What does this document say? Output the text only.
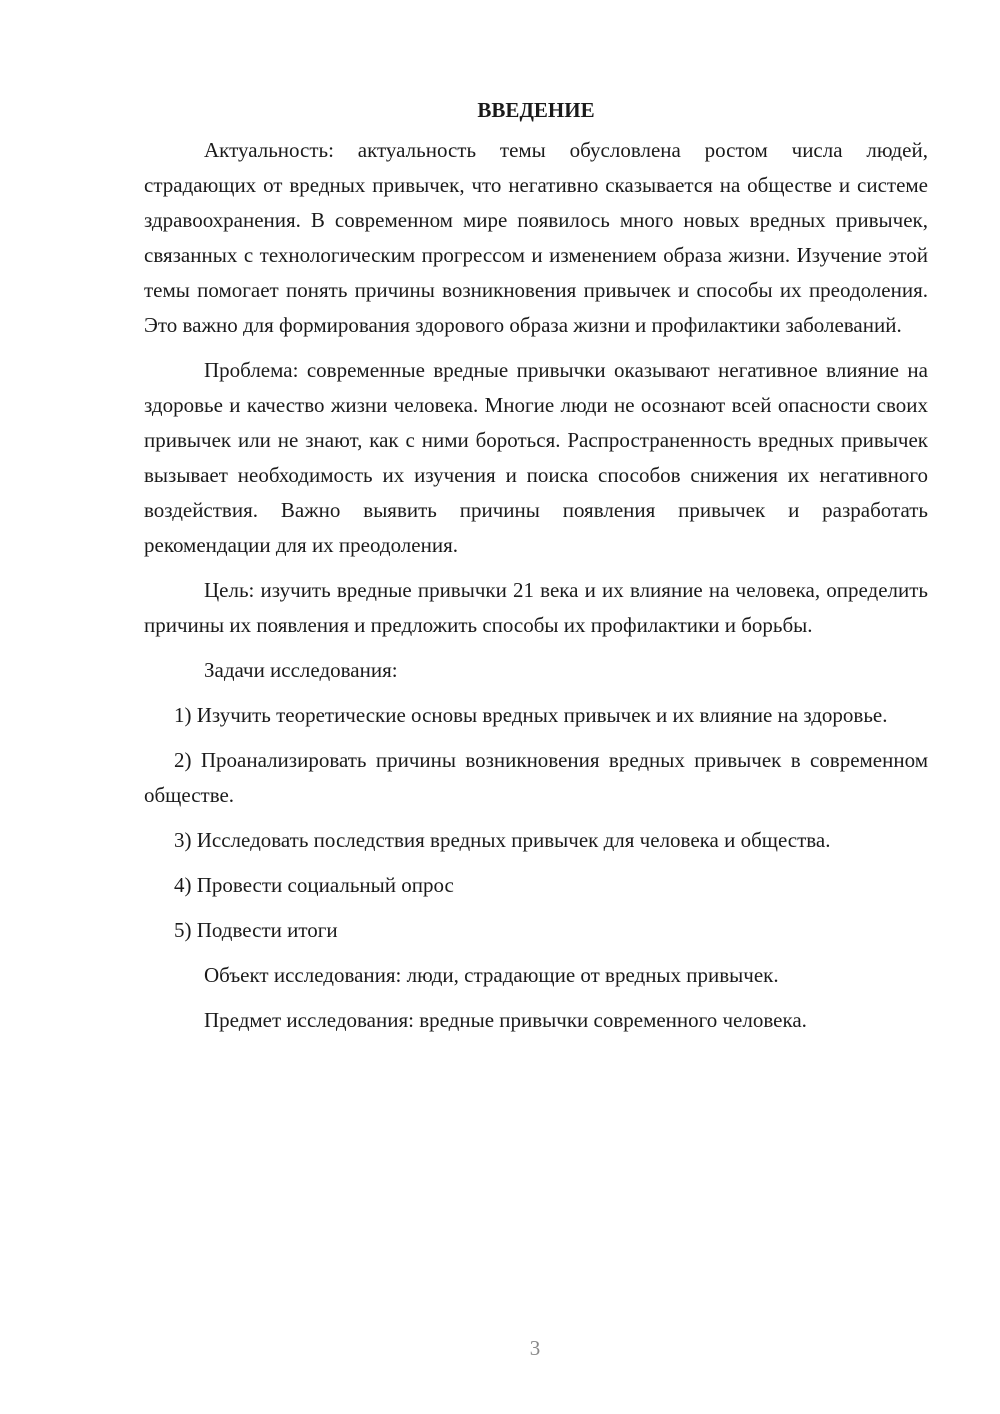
ВВЕДЕНИЕ

Актуальность: актуальность темы обусловлена ростом числа людей, страдающих от вредных привычек, что негативно сказывается на обществе и системе здравоохранения. В современном мире появилось много новых вредных привычек, связанных с технологическим прогрессом и изменением образа жизни. Изучение этой темы помогает понять причины возникновения привычек и способы их преодоления. Это важно для формирования здорового образа жизни и профилактики заболеваний.

Проблема: современные вредные привычки оказывают негативное влияние на здоровье и качество жизни человека. Многие люди не осознают всей опасности своих привычек или не знают, как с ними бороться. Распространенность вредных привычек вызывает необходимость их изучения и поиска способов снижения их негативного воздействия. Важно выявить причины появления привычек и разработать рекомендации для их преодоления.

Цель: изучить вредные привычки 21 века и их влияние на человека, определить причины их появления и предложить способы их профилактики и борьбы.

Задачи исследования:

1) Изучить теоретические основы вредных привычек и их влияние на здоровье.

2) Проанализировать причины возникновения вредных привычек в современном обществе.

3) Исследовать последствия вредных привычек для человека и общества.

4) Провести социальный опрос

5) Подвести итоги

Объект исследования: люди, страдающие от вредных привычек.

Предмет исследования: вредные привычки современного человека.

3
